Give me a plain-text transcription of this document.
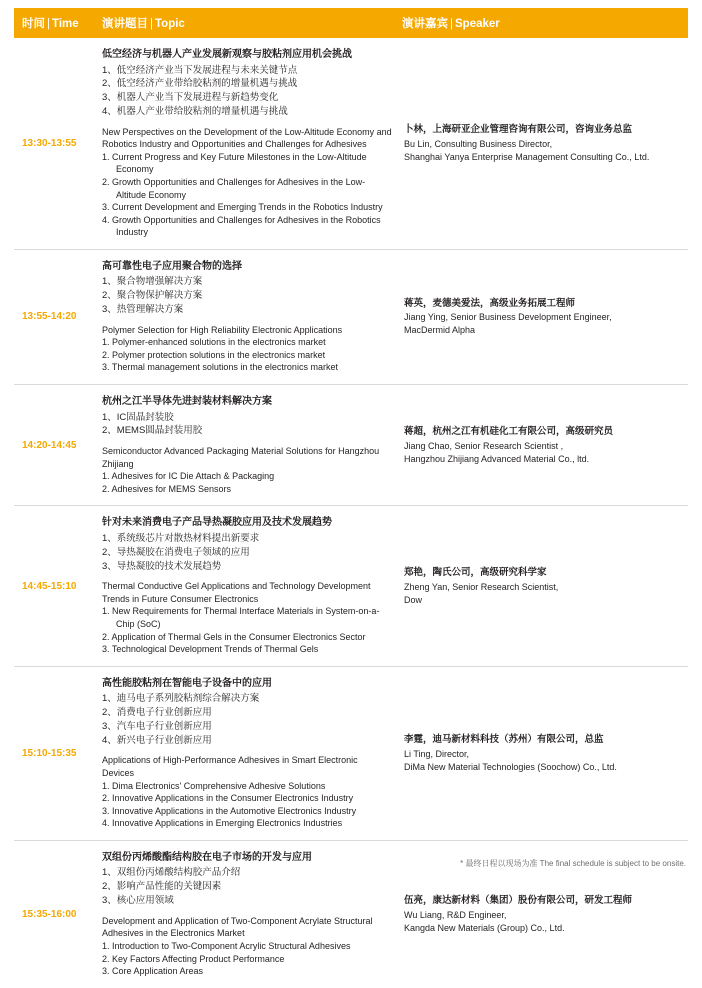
时间 | Time	演讲题目 | Topic	演讲嘉宾 | Speaker
13:30-13:55
低空经济与机器人产业发展新观察与胶粘剂应用机会挑战
1、低空经济产业当下发展进程与未来关键节点
2、低空经济产业带给胶粘剂的增量机遇与挑战
3、机器人产业当下发展进程与新趋势变化
4、机器人产业带给胶粘剂的增量机遇与挑战
New Perspectives on the Development of the Low-Altitude Economy and Robotics Industry and Opportunities and Challenges for Adhesives
1. Current Progress and Key Future Milestones in the Low-Altitude Economy
2. Growth Opportunities and Challenges for Adhesives in the Low-Altitude Economy
3. Current Development and Emerging Trends in the Robotics Industry
4. Growth Opportunities and Challenges for Adhesives in the Robotics Industry
卜林，上海研亚企业管理咨询有限公司，咨询业务总监
Bu Lin, Consulting Business Director,
Shanghai Yanya Enterprise Management Consulting Co., Ltd.
13:55-14:20
高可靠性电子应用聚合物的选择
1、聚合物增强解决方案
2、聚合物保护解决方案
3、热管理解决方案
Polymer Selection for High Reliability Electronic Applications
1. Polymer-enhanced solutions in the electronics market
2. Polymer protection solutions in the electronics market
3. Thermal management solutions in the electronics market
蒋英，麦德美爱法，高级业务拓展工程师
Jiang Ying, Senior Business Development Engineer,
MacDermid Alpha
14:20-14:45
杭州之江半导体先进封装材料解决方案
1、IC固晶封装胶
2、MEMS圆晶封装用胶
Semiconductor Advanced Packaging Material Solutions for Hangzhou Zhijiang
1. Adhesives for IC Die Attach & Packaging
2. Adhesives for MEMS Sensors
蒋超，杭州之江有机硅化工有限公司，高级研究员
Jiang Chao, Senior Research Scientist ,
Hangzhou Zhijiang Advanced Material Co., ltd.
14:45-15:10
针对未来消费电子产品导热凝胶应用及技术发展趋势
1、系统级芯片对散热材料提出新要求
2、导热凝胶在消费电子领域的应用
3、导热凝胶的技术发展趋势
Thermal Conductive Gel Applications and Technology Development Trends in Future Consumer Electronics
1. New Requirements for Thermal Interface Materials in System-on-a-Chip (SoC)
2. Application of Thermal Gels in the Consumer Electronics Sector
3. Technological Development Trends of Thermal Gels
郑艳，陶氏公司，高级研究科学家
Zheng Yan, Senior Research Scientist,
Dow
15:10-15:35
高性能胶粘剂在智能电子设备中的应用
1、迪马电子系列胶粘剂综合解决方案
2、消费电子行业创新应用
3、汽车电子行业创新应用
4、新兴电子行业创新应用
Applications of High-Performance Adhesives in Smart Electronic Devices
1. Dima Electronics' Comprehensive Adhesive Solutions
2. Innovative Applications in the Consumer Electronics Industry
3. Innovative Applications in the Automotive Electronics Industry
4. Innovative Applications in Emerging Electronics Industries
李霆，迪马新材料科技（苏州）有限公司，总监
Li Ting, Director,
DiMa New Material Technologies (Soochow) Co., Ltd.
15:35-16:00
双组份丙烯酸酯结构胶在电子市场的开发与应用
1、双组份丙烯酸结构胶产品介绍
2、影响产品性能的关键因素
3、核心应用领域
Development and Application of Two-Component Acrylate Structural Adhesives in the Electronics Market
1. Introduction to Two-Component Acrylic Structural Adhesives
2. Key Factors Affecting Product Performance
3. Core Application Areas
伍亮，康达新材料（集团）股份有限公司，研发工程师
Wu Liang, R&D Engineer,
Kangda New Materials (Group) Co., Ltd.
* 最终日程以现场为准 The final schedule is subject to be onsite.
